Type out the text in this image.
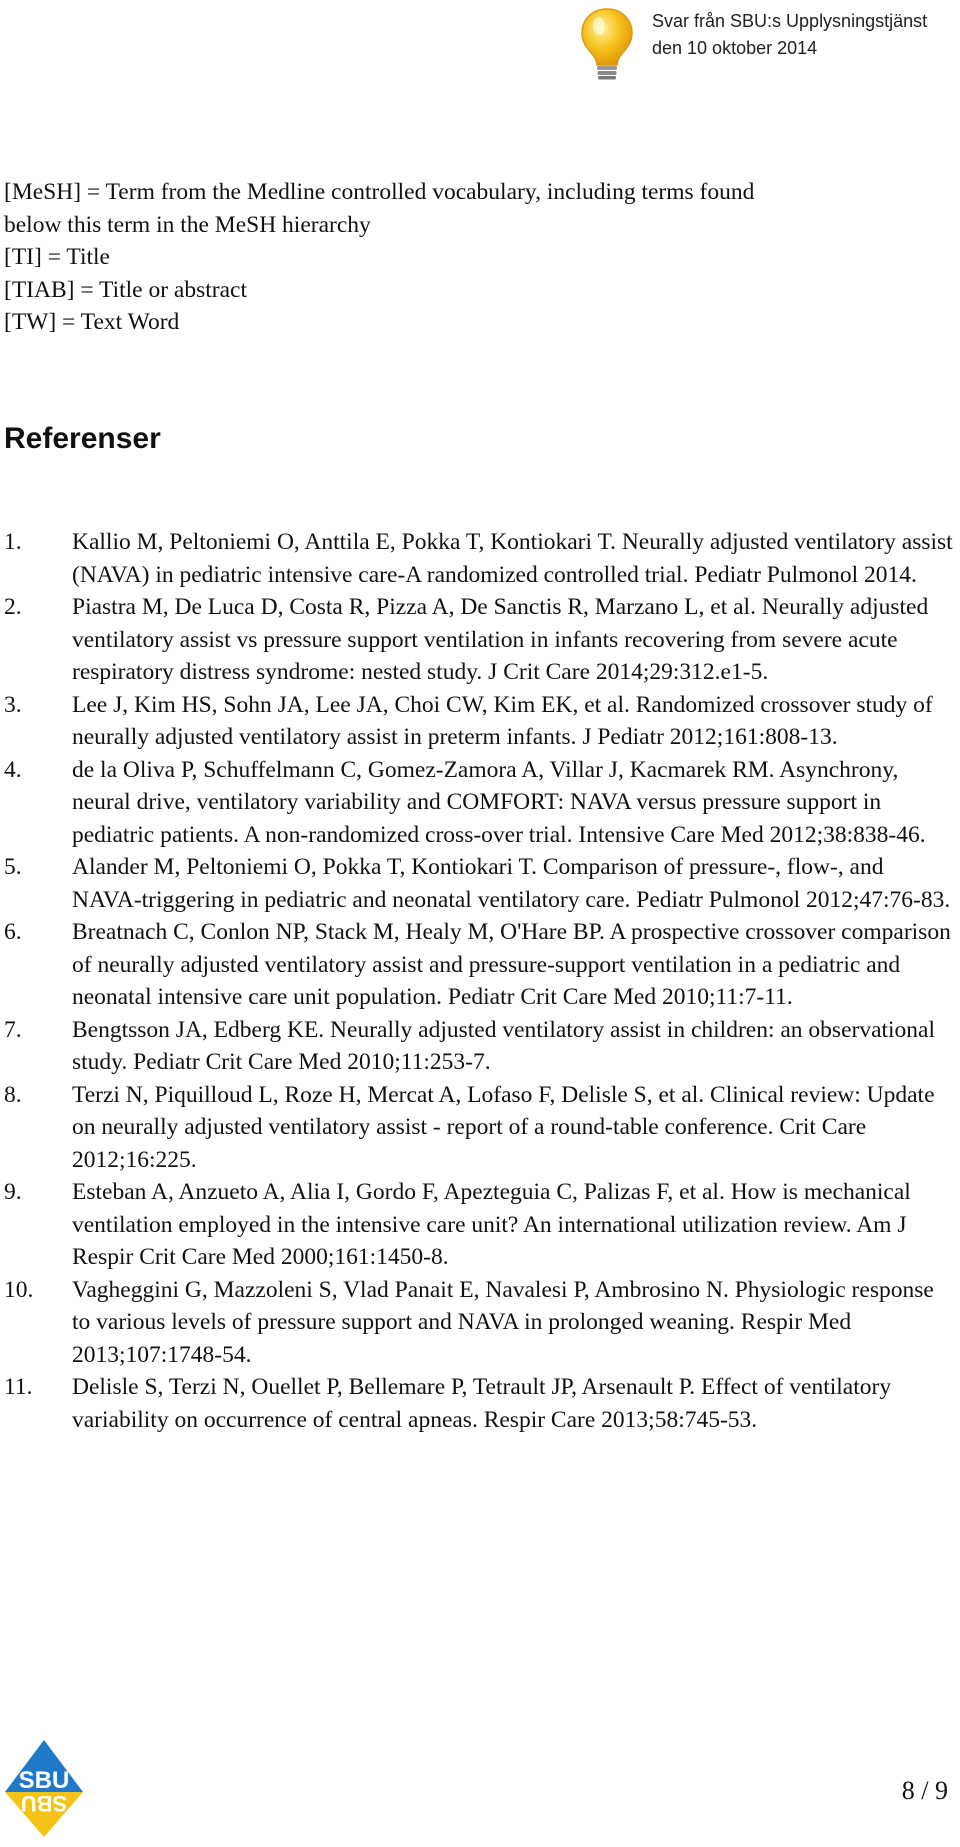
Svar från SBU:s Upplysningstjänst
den 10 oktober 2014
[MeSH] = Term from the Medline controlled vocabulary, including terms found
below this term in the MeSH hierarchy
[TI] = Title
[TIAB] = Title or abstract
[TW] = Text Word
Referenser
1.	Kallio M, Peltoniemi O, Anttila E, Pokka T, Kontiokari T. Neurally adjusted ventilatory assist (NAVA) in pediatric intensive care-A randomized controlled trial. Pediatr Pulmonol 2014.
2.	Piastra M, De Luca D, Costa R, Pizza A, De Sanctis R, Marzano L, et al. Neurally adjusted ventilatory assist vs pressure support ventilation in infants recovering from severe acute respiratory distress syndrome: nested study. J Crit Care 2014;29:312.e1-5.
3.	Lee J, Kim HS, Sohn JA, Lee JA, Choi CW, Kim EK, et al. Randomized crossover study of neurally adjusted ventilatory assist in preterm infants. J Pediatr 2012;161:808-13.
4.	de la Oliva P, Schuffelmann C, Gomez-Zamora A, Villar J, Kacmarek RM. Asynchrony, neural drive, ventilatory variability and COMFORT: NAVA versus pressure support in pediatric patients. A non-randomized cross-over trial. Intensive Care Med 2012;38:838-46.
5.	Alander M, Peltoniemi O, Pokka T, Kontiokari T. Comparison of pressure-, flow-, and NAVA-triggering in pediatric and neonatal ventilatory care. Pediatr Pulmonol 2012;47:76-83.
6.	Breatnach C, Conlon NP, Stack M, Healy M, O'Hare BP. A prospective crossover comparison of neurally adjusted ventilatory assist and pressure-support ventilation in a pediatric and neonatal intensive care unit population. Pediatr Crit Care Med 2010;11:7-11.
7.	Bengtsson JA, Edberg KE. Neurally adjusted ventilatory assist in children: an observational study. Pediatr Crit Care Med 2010;11:253-7.
8.	Terzi N, Piquilloud L, Roze H, Mercat A, Lofaso F, Delisle S, et al. Clinical review: Update on neurally adjusted ventilatory assist - report of a round-table conference. Crit Care 2012;16:225.
9.	Esteban A, Anzueto A, Alia I, Gordo F, Apezteguia C, Palizas F, et al. How is mechanical ventilation employed in the intensive care unit? An international utilization review. Am J Respir Crit Care Med 2000;161:1450-8.
10.	Vagheggini G, Mazzoleni S, Vlad Panait E, Navalesi P, Ambrosino N. Physiologic response to various levels of pressure support and NAVA in prolonged weaning. Respir Med 2013;107:1748-54.
11.	Delisle S, Terzi N, Ouellet P, Bellemare P, Tetrault JP, Arsenault P. Effect of ventilatory variability on occurrence of central apneas. Respir Care 2013;58:745-53.
SBU
SBU	8 / 9
